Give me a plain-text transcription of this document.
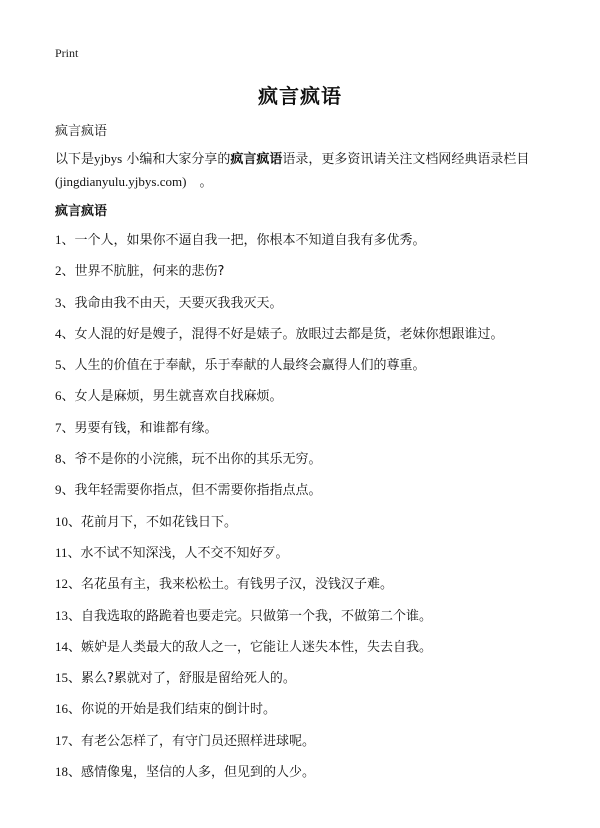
Print
疯言疯语
疯言疯语
以下是yjbys 小编和大家分享的疯言疯语语录，更多资讯请关注文档网经典语录栏目(jingdianyulu.yjbys.com)　。
疯言疯语
1、一个人，如果你不逼自我一把，你根本不知道自我有多优秀。
2、世界不肮脏，何来的悲伤?
3、我命由我不由天，天要灭我我灭天。
4、女人混的好是嫂子，混得不好是婊子。放眼过去都是货，老妹你想跟谁过。
5、人生的价值在于奉献，乐于奉献的人最终会赢得人们的尊重。
6、女人是麻烦，男生就喜欢自找麻烦。
7、男要有钱，和谁都有缘。
8、爷不是你的小浣熊，玩不出你的其乐无穷。
9、我年轻需要你指点，但不需要你指指点点。
10、花前月下，不如花钱日下。
11、水不试不知深浅，人不交不知好歹。
12、名花虽有主，我来松松土。有钱男子汉，没钱汉子难。
13、自我选取的路跪着也要走完。只做第一个我，不做第二个谁。
14、嫉妒是人类最大的敌人之一，它能让人迷失本性，失去自我。
15、累么?累就对了，舒服是留给死人的。
16、你说的开始是我们结束的倒计时。
17、有老公怎样了，有守门员还照样进球呢。
18、感情像鬼，坚信的人多，但见到的人少。
